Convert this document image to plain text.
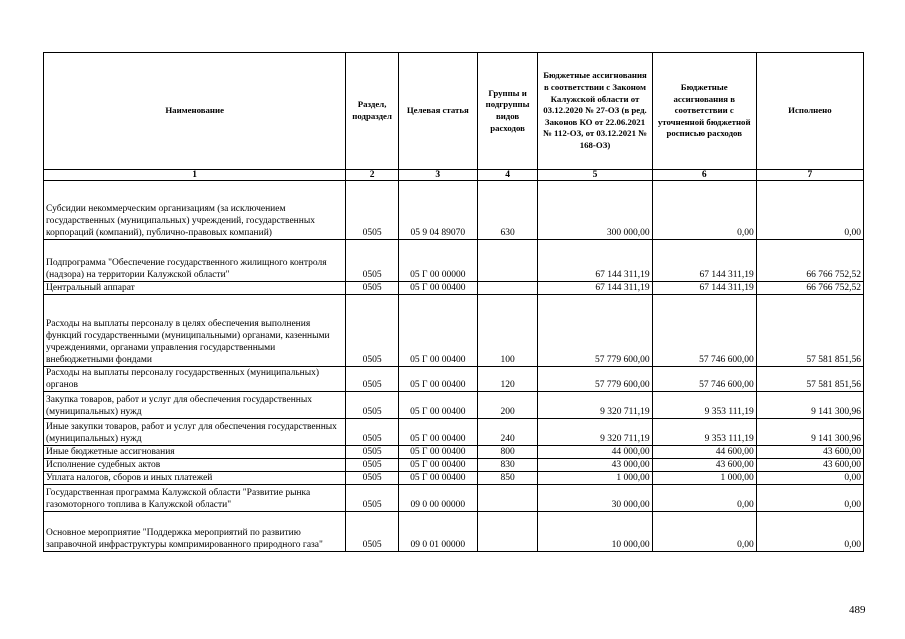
Наименование	Раздел, подраздел	Целевая статья	Группы и подгруппы видов расходов	Бюджетные ассигнования в соответствии с Законом Калужской области от 03.12.2020 № 27-ОЗ (в ред. Законов КО от 22.06.2021 № 112-ОЗ, от 03.12.2021 № 168-ОЗ)	Бюджетные ассигнования в соответствии с уточненной бюджетной росписью расходов	Исполнено
1	2	3	4	5	6	7
Субсидии некоммерческим организациям (за исключением государственных (муниципальных) учреждений, государственных корпораций (компаний), публично-правовых компаний)	0505	05 9 04 89070	630	300 000,00	0,00	0,00
Подпрограмма "Обеспечение государственного жилищного контроля (надзора) на территории Калужской области"	0505	05 Г 00 00000		67 144 311,19	67 144 311,19	66 766 752,52
Центральный аппарат	0505	05 Г 00 00400		67 144 311,19	67 144 311,19	66 766 752,52
Расходы на выплаты персоналу в целях обеспечения выполнения функций государственными (муниципальными) органами, казенными учреждениями, органами управления государственными внебюджетными фондами	0505	05 Г 00 00400	100	57 779 600,00	57 746 600,00	57 581 851,56
Расходы на выплаты персоналу государственных (муниципальных) органов	0505	05 Г 00 00400	120	57 779 600,00	57 746 600,00	57 581 851,56
Закупка товаров, работ и услуг для обеспечения государственных (муниципальных) нужд	0505	05 Г 00 00400	200	9 320 711,19	9 353 111,19	9 141 300,96
Иные закупки товаров, работ и услуг для обеспечения государственных (муниципальных) нужд	0505	05 Г 00 00400	240	9 320 711,19	9 353 111,19	9 141 300,96
Иные бюджетные ассигнования	0505	05 Г 00 00400	800	44 000,00	44 600,00	43 600,00
Исполнение судебных актов	0505	05 Г 00 00400	830	43 000,00	43 600,00	43 600,00
Уплата налогов, сборов и иных платежей	0505	05 Г 00 00400	850	1 000,00	1 000,00	0,00
Государственная программа Калужской области "Развитие рынка газомоторного топлива в Калужской области"	0505	09 0 00 00000		30 000,00	0,00	0,00
Основное мероприятие "Поддержка мероприятий по развитию заправочной инфраструктуры компримированного природного газа"	0505	09 0 01 00000		10 000,00	0,00	0,00
489
